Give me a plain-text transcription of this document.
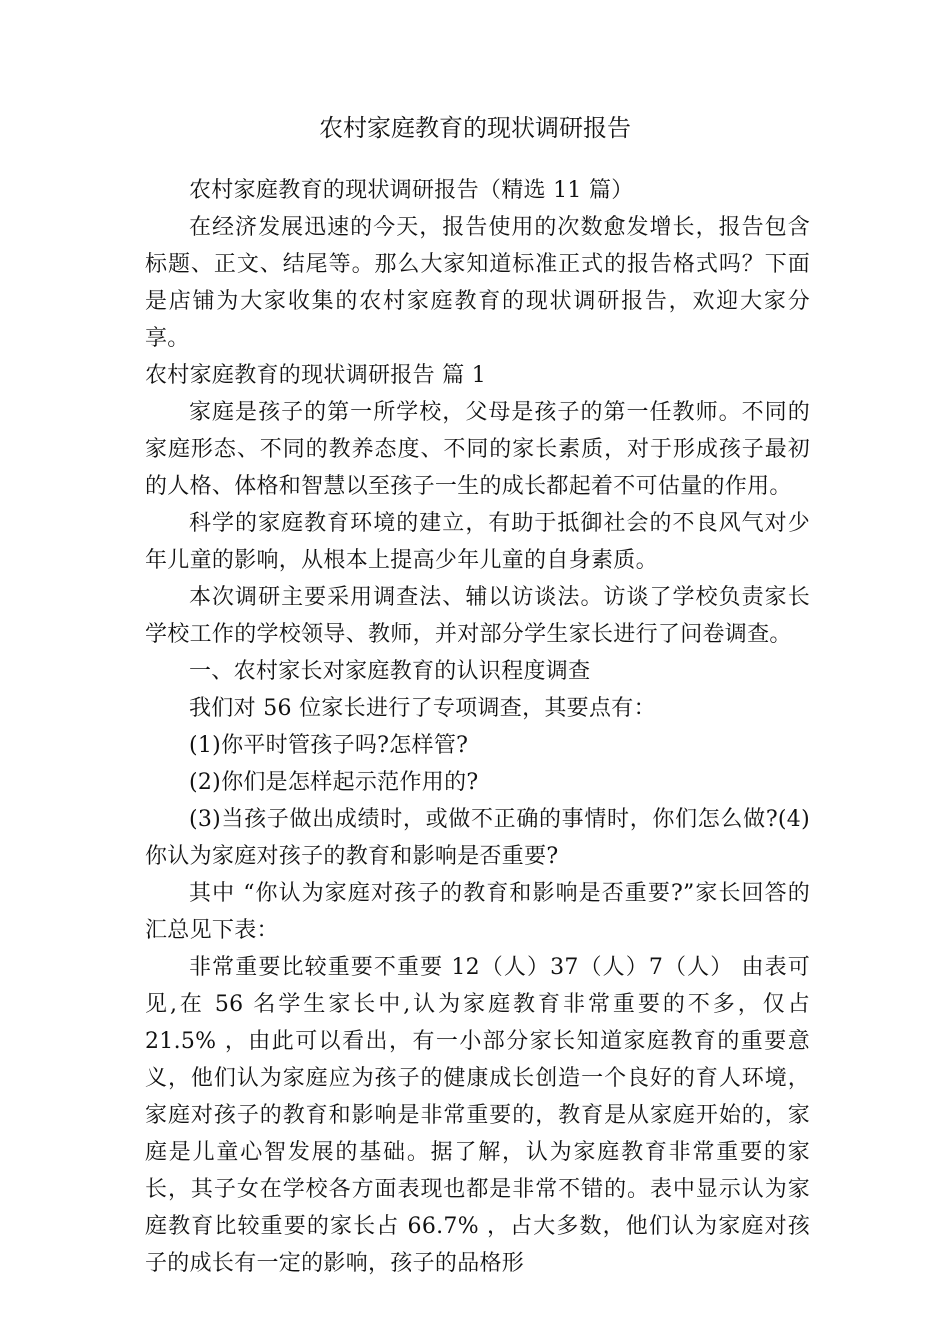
农村家庭教育的现状调研报告

农村家庭教育的现状调研报告（精选 11 篇）

在经济发展迅速的今天，报告使用的次数愈发增长，报告包含标题、正文、结尾等。那么大家知道标准正式的报告格式吗？下面是店铺为大家收集的农村家庭教育的现状调研报告，欢迎大家分享。

农村家庭教育的现状调研报告 篇 1

家庭是孩子的第一所学校，父母是孩子的第一任教师。不同的家庭形态、不同的教养态度、不同的家长素质，对于形成孩子最初的人格、体格和智慧以至孩子一生的成长都起着不可估量的作用。

科学的家庭教育环境的建立，有助于抵御社会的不良风气对少年儿童的影响，从根本上提高少年儿童的自身素质。

本次调研主要采用调查法、辅以访谈法。访谈了学校负责家长学校工作的学校领导、教师，并对部分学生家长进行了问卷调查。

一、农村家长对家庭教育的认识程度调查

我们对 56 位家长进行了专项调查，其要点有：

(1)你平时管孩子吗?怎样管?

(2)你们是怎样起示范作用的?

(3)当孩子做出成绩时，或做不正确的事情时，你们怎么做?(4)你认为家庭对孩子的教育和影响是否重要?

其中 “你认为家庭对孩子的教育和影响是否重要?”家长回答的汇总见下表：

非常重要比较重要不重要 12（人）37（人）7（人） 由表可见,在 56 名学生家长中,认为家庭教育非常重要的不多，仅占 21.5% ，由此可以看出，有一小部分家长知道家庭教育的重要意义，他们认为家庭应为孩子的健康成长创造一个良好的育人环境，家庭对孩子的教育和影响是非常重要的，教育是从家庭开始的，家庭是儿童心智发展的基础。据了解，认为家庭教育非常重要的家长，其子女在学校各方面表现也都是非常不错的。表中显示认为家庭教育比较重要的家长占 66.7% ，占大多数，他们认为家庭对孩子的成长有一定的影响，孩子的品格形
